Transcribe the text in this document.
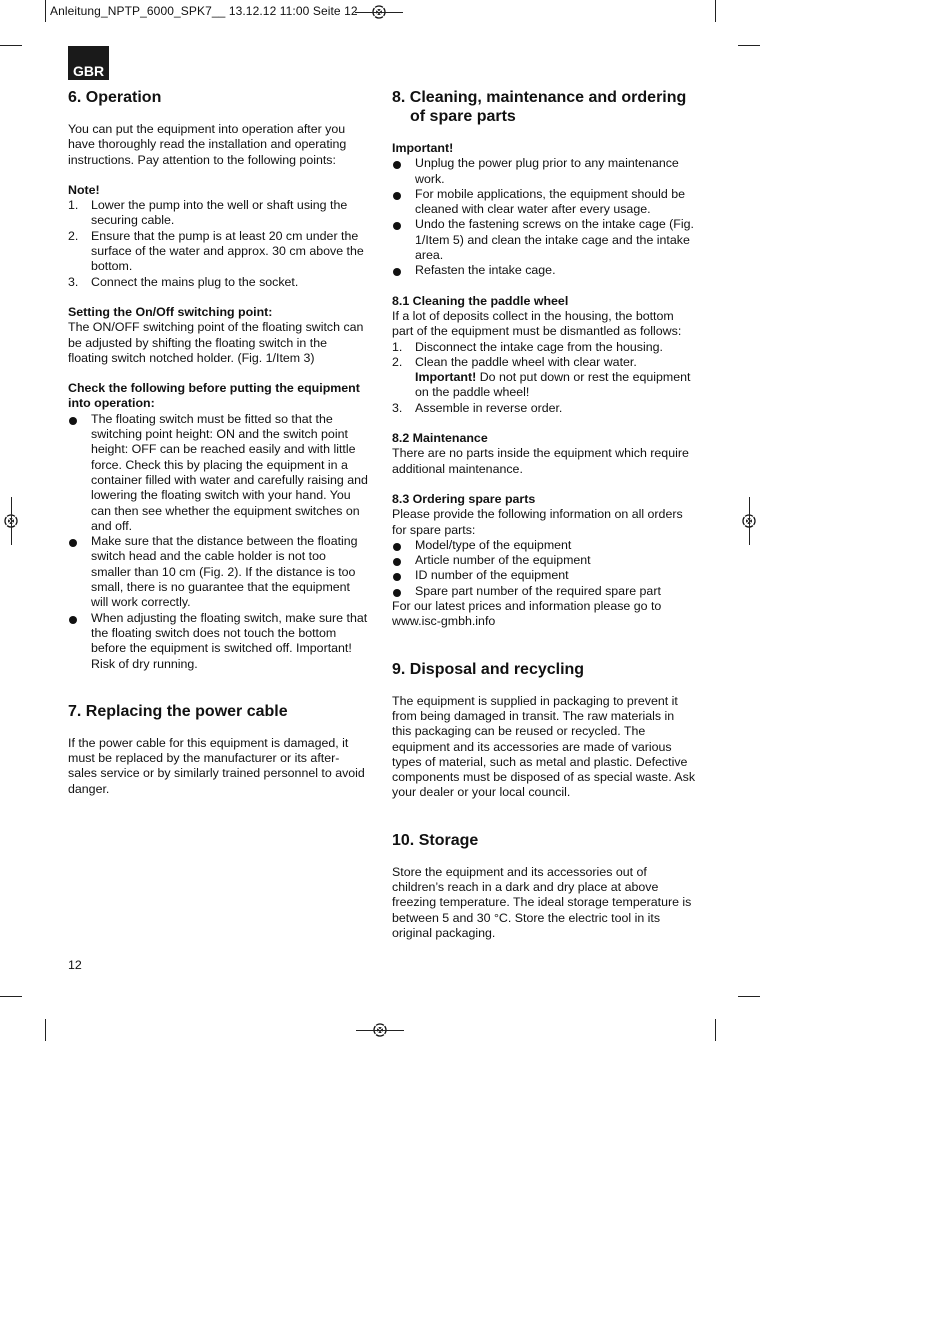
Anleitung_NPTP_6000_SPK7__ 13.12.12 11:00 Seite 12
GBR
6. Operation

You can put the equipment into operation after you have thoroughly read the installation and operating instructions. Pay attention to the following points:

Note!

1. Lower the pump into the well or shaft using the securing cable.
2. Ensure that the pump is at least 20 cm under the surface of the water and approx. 30 cm above the bottom.
3. Connect the mains plug to the socket.

Setting the On/Off switching point:

The ON/OFF switching point of the floating switch can be adjusted by shifting the floating switch in the floating switch notched holder. (Fig. 1/Item 3)

Check the following before putting the equipment into operation:

The floating switch must be fitted so that the switching point height: ON and the switch point height: OFF can be reached easily and with little force. Check this by placing the equipment in a container filled with water and carefully raising and lowering the floating switch with your hand. You can then see whether the equipment switches on and off.
Make sure that the distance between the floating switch head and the cable holder is not too smaller than 10 cm (Fig. 2). If the distance is too small, there is no guarantee that the equipment will work correctly.
When adjusting the floating switch, make sure that the floating switch does not touch the bottom before the equipment is switched off. Important! Risk of dry running.
7. Replacing the power cable

If the power cable for this equipment is damaged, it must be replaced by the manufacturer or its after-sales service or by similarly trained personnel to avoid danger.

8. Cleaning, maintenance and ordering of spare parts

Important!

Unplug the power plug prior to any maintenance work.
For mobile applications, the equipment should be cleaned with clear water after every usage.
Undo the fastening screws on the intake cage (Fig. 1/Item 5) and clean the intake cage and the intake area.
Refasten the intake cage.

8.1 Cleaning the paddle wheel

If a lot of deposits collect in the housing, the bottom part of the equipment must be dismantled as follows:

1. Disconnect the intake cage from the housing.
2. Clean the paddle wheel with clear water.
Important! Do not put down or rest the equipment on the paddle wheel!
3. Assemble in reverse order.

8.2 Maintenance

There are no parts inside the equipment which require additional maintenance.

8.3 Ordering spare parts

Please provide the following information on all orders for spare parts:

Model/type of the equipment
Article number of the equipment
ID number of the equipment
Spare part number of the required spare part

For our latest prices and information please go to www.isc-gmbh.info

9. Disposal and recycling

The equipment is supplied in packaging to prevent it from being damaged in transit. The raw materials in this packaging can be reused or recycled. The equipment and its accessories are made of various types of material, such as metal and plastic. Defective components must be disposed of as special waste. Ask your dealer or your local council.

10. Storage

Store the equipment and its accessories out of children’s reach in a dark and dry place at above freezing temperature. The ideal storage temperature is between 5 and 30 °C. Store the electric tool in its original packaging.

12
